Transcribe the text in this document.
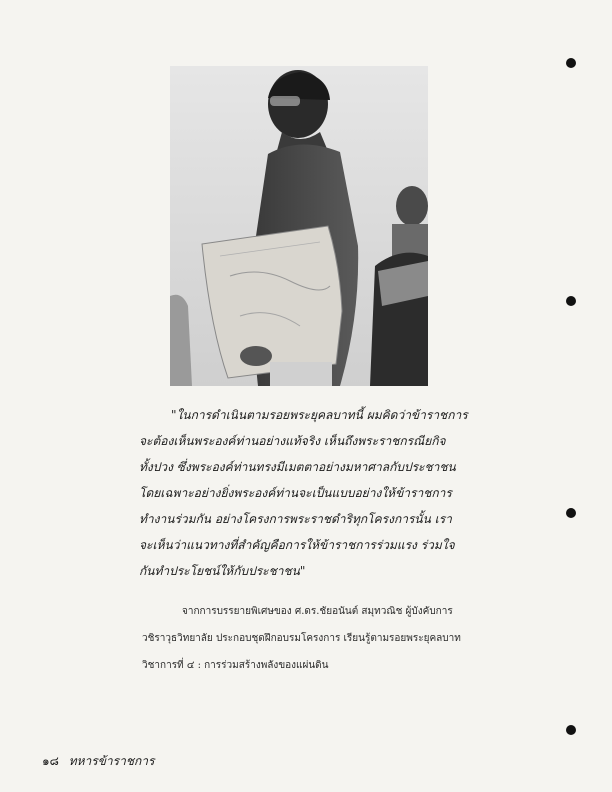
"ในการดำเนินตามรอยพระยุคลบาทนี้ ผมคิดว่าข้าราชการ
จะต้องเห็นพระองค์ท่านอย่างแท้จริง เห็นถึงพระราชกรณียกิจ
ทั้งปวง ซึ่งพระองค์ท่านทรงมีเมตตาอย่างมหาศาลกับประชาชน
โดยเฉพาะอย่างยิ่งพระองค์ท่านจะเป็นแบบอย่างให้ข้าราชการ
ทำงานร่วมกัน อย่างโครงการพระราชดำริทุกโครงการนั้น เรา
จะเห็นว่าแนวทางที่สำคัญคือการให้ข้าราชการร่วมแรง ร่วมใจ
กันทำประโยชน์ให้กับประชาชน"
จากการบรรยายพิเศษของ ศ.ดร.ชัยอนันต์ สมุทวณิช ผู้บังคับการ
วชิราวุธวิทยาลัย ประกอบชุดฝึกอบรมโครงการ เรียนรู้ตามรอยพระยุคลบาท
วิชาการที่ ๔ : การร่วมสร้างพลังของแผ่นดิน
๑๘ ทหารข้าราชการ
